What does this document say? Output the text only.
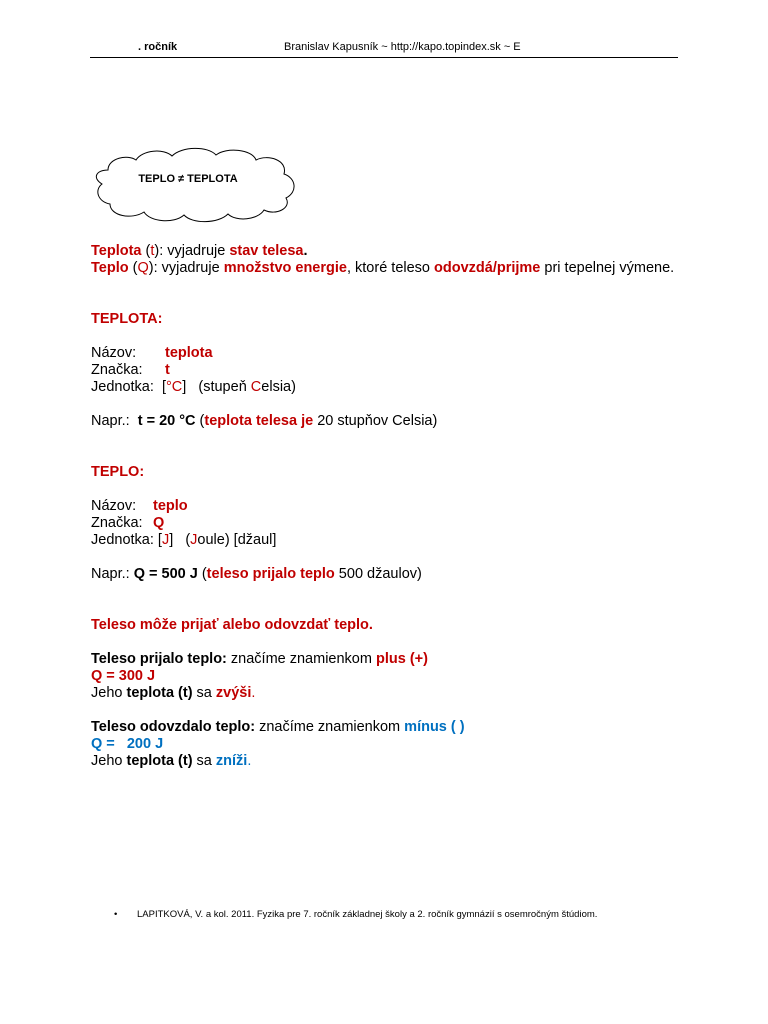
. ročník	Branislav Kapusník ~ http://kapo.topindex.sk ~ E
TEPLO ≠ TEPLOTA
Teplota (t): vyjadruje stav telesa.
Teplo (Q): vyjadruje množstvo energie, ktoré teleso odovzdá/prijme pri tepelnej výmene.
TEPLOTA:
Názov: teplota
Značka: t
Jednotka: [°C] (stupeň Celsia)
Napr.: t = 20 °C (teplota telesa je 20 stupňov Celsia)
TEPLO:
Názov: teplo
Značka: Q
Jednotka: [J] (Joule) [džaul]
Napr.: Q = 500 J (teleso prijalo teplo 500 džaulov)
Teleso môže prijať alebo odovzdať teplo.
Teleso prijalo teplo: značíme znamienkom plus (+)
Q = 300 J
Jeho teplota (t) sa zvýši.
Teleso odovzdalo teplo: značíme znamienkom mínus ( )
Q =   200 J
Jeho teplota (t) sa zníži.
• LAPITKOVÁ, V. a kol. 2011. Fyzika pre 7. ročník základnej školy a 2. ročník gymnázií s osemročným štúdiom.
